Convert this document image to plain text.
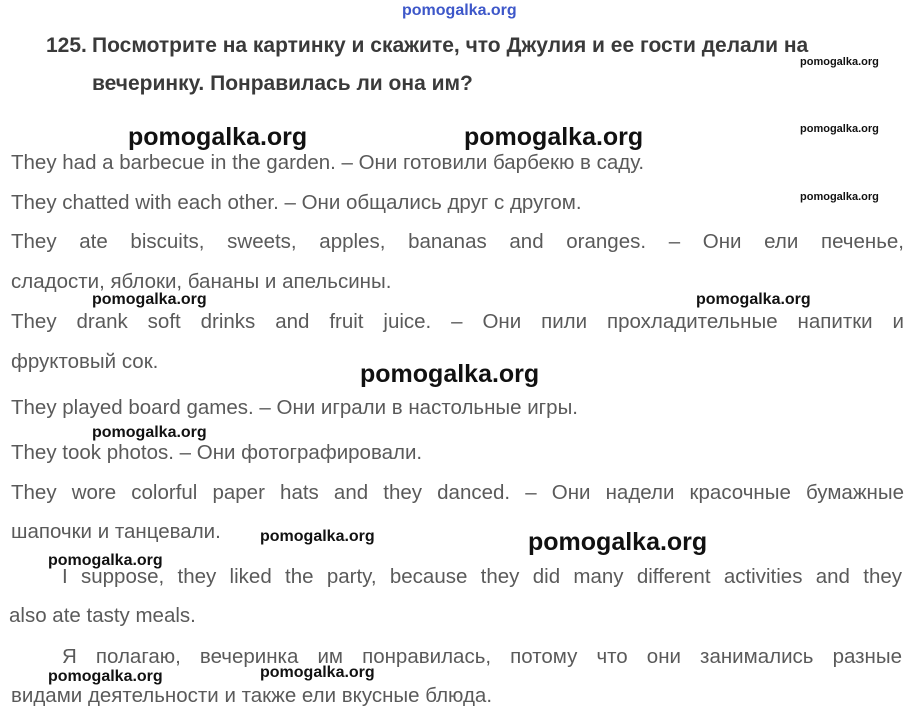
pomogalka.org
125. Посмотрите на картинку и скажите, что Джулия и ее гости делали на
вечеринку. Понравилась ли она им?
pomogalka.org
pomogalka.org	pomogalka.org	pomogalka.org
pomogalka.org
pomogalka.org	pomogalka.org
pomogalka.org
pomogalka.org
pomogalka.org	pomogalka.org
pomogalka.org
pomogalka.org
pomogalka.org
They had a barbecue in the garden. – Они готовили барбекю в саду.
They chatted with each other. – Они общались друг с другом.
They ate biscuits, sweets, apples, bananas and oranges. – Они ели печенье,
сладости, яблоки, бананы и апельсины.
They drank soft drinks and fruit juice. – Они пили прохладительные напитки и
фруктовый сок.
They played board games. – Они играли в настольные игры.
They took photos. – Они фотографировали.
They wore colorful paper hats and they danced. – Они надели красочные бумажные
шапочки и танцевали.
I suppose, they liked the party, because they did many different activities and they
also ate tasty meals.
Я полагаю, вечеринка им понравилась, потому что они занимались разные
видами деятельности и также ели вкусные блюда.
